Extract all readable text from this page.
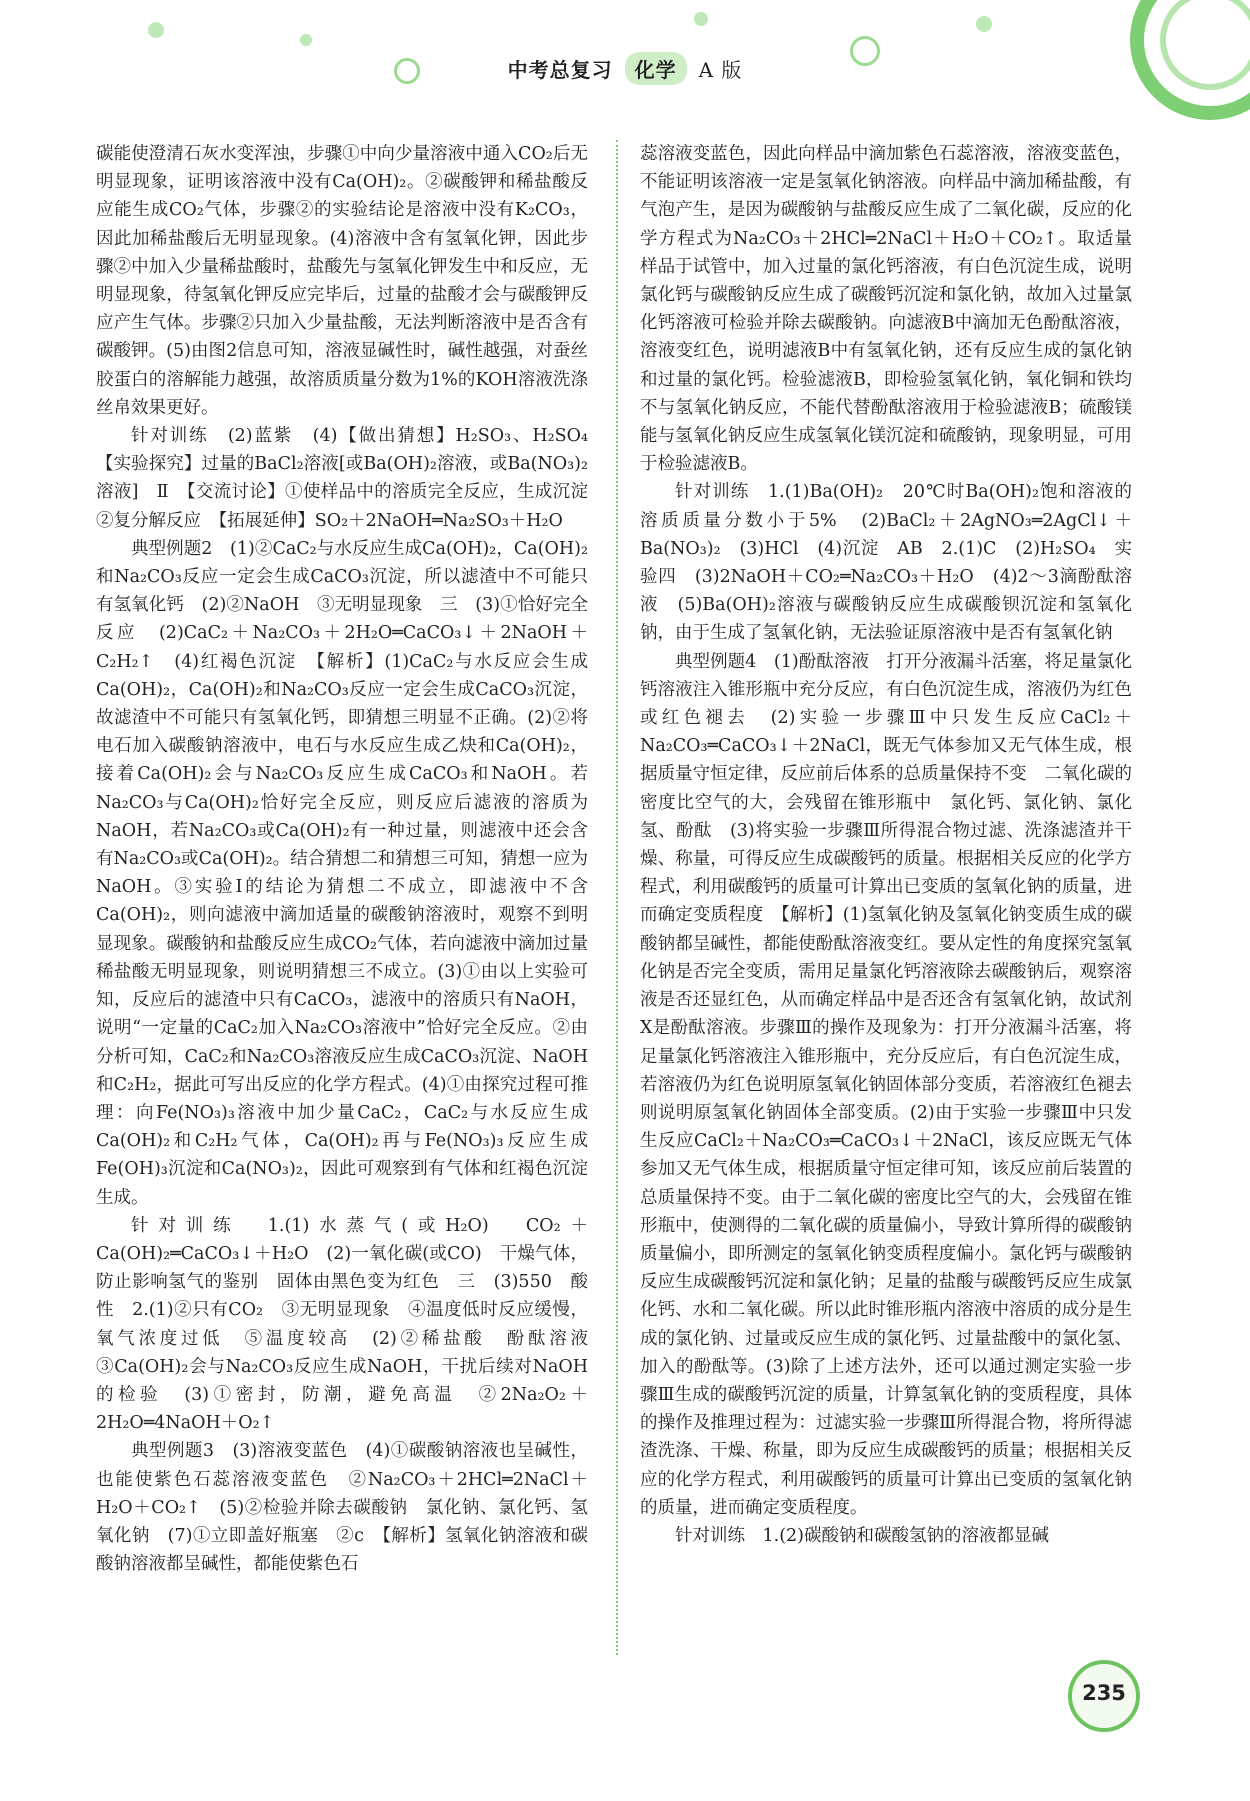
中考总复习 化学 A 版

碳能使澄清石灰水变浑浊，步骤①中向少量溶液中通入CO₂后无明显现象，证明该溶液中没有Ca(OH)₂。②碳酸钾和稀盐酸反应能生成CO₂气体，步骤②的实验结论是溶液中没有K₂CO₃，因此加稀盐酸后无明显现象。(4)溶液中含有氢氧化钾，因此步骤②中加入少量稀盐酸时，盐酸先与氢氧化钾发生中和反应，无明显现象，待氢氧化钾反应完毕后，过量的盐酸才会与碳酸钾反应产生气体。步骤②只加入少量盐酸，无法判断溶液中是否含有碳酸钾。(5)由图2信息可知，溶液显碱性时，碱性越强，对蚕丝胶蛋白的溶解能力越强，故溶质质量分数为1%的KOH溶液洗涤丝帛效果更好。

针对训练　(2)蓝紫　(4)【做出猜想】H₂SO₃、H₂SO₄　【实验探究】过量的BaCl₂溶液[或Ba(OH)₂溶液，或Ba(NO₃)₂溶液]　Ⅱ　【交流讨论】①使样品中的溶质完全反应，生成沉淀　②复分解反应　【拓展延伸】SO₂＋2NaOH═Na₂SO₃＋H₂O

典型例题2　(1)②CaC₂与水反应生成Ca(OH)₂，Ca(OH)₂和Na₂CO₃反应一定会生成CaCO₃沉淀，所以滤渣中不可能只有氢氧化钙　(2)②NaOH　③无明显现象　三　(3)①恰好完全反应　(2)CaC₂＋Na₂CO₃＋2H₂O═CaCO₃↓＋2NaOH＋C₂H₂↑　(4)红褐色沉淀　【解析】(1)CaC₂与水反应会生成Ca(OH)₂，Ca(OH)₂和Na₂CO₃反应一定会生成CaCO₃沉淀，故滤渣中不可能只有氢氧化钙，即猜想三明显不正确。(2)②将电石加入碳酸钠溶液中，电石与水反应生成乙炔和Ca(OH)₂，接着Ca(OH)₂会与Na₂CO₃反应生成CaCO₃和NaOH。若Na₂CO₃与Ca(OH)₂恰好完全反应，则反应后滤液的溶质为NaOH，若Na₂CO₃或Ca(OH)₂有一种过量，则滤液中还会含有Na₂CO₃或Ca(OH)₂。结合猜想二和猜想三可知，猜想一应为NaOH。③实验Ⅰ的结论为猜想二不成立，即滤液中不含Ca(OH)₂，则向滤液中滴加适量的碳酸钠溶液时，观察不到明显现象。碳酸钠和盐酸反应生成CO₂气体，若向滤液中滴加过量稀盐酸无明显现象，则说明猜想三不成立。(3)①由以上实验可知，反应后的滤渣中只有CaCO₃，滤液中的溶质只有NaOH，说明“一定量的CaC₂加入Na₂CO₃溶液中”恰好完全反应。②由分析可知，CaC₂和Na₂CO₃溶液反应生成CaCO₃沉淀、NaOH和C₂H₂，据此可写出反应的化学方程式。(4)①由探究过程可推理：向Fe(NO₃)₃溶液中加少量CaC₂，CaC₂与水反应生成Ca(OH)₂和C₂H₂气体，Ca(OH)₂再与Fe(NO₃)₃反应生成Fe(OH)₃沉淀和Ca(NO₃)₂，因此可观察到有气体和红褐色沉淀生成。

针对训练　1.(1)水蒸气(或H₂O)　CO₂＋Ca(OH)₂═CaCO₃↓＋H₂O　(2)一氧化碳(或CO)　干燥气体，防止影响氢气的鉴别　固体由黑色变为红色　三　(3)550　酸性　2.(1)②只有CO₂　③无明显现象　④温度低时反应缓慢，氧气浓度过低　⑤温度较高　(2)②稀盐酸　酚酞溶液　③Ca(OH)₂会与Na₂CO₃反应生成NaOH，干扰后续对NaOH的检验　(3)①密封，防潮，避免高温　②2Na₂O₂＋2H₂O═4NaOH＋O₂↑

典型例题3　(3)溶液变蓝色　(4)①碳酸钠溶液也呈碱性，也能使紫色石蕊溶液变蓝色　②Na₂CO₃＋2HCl═2NaCl＋H₂O＋CO₂↑　(5)②检验并除去碳酸钠　氯化钠、氯化钙、氢氧化钠　(7)①立即盖好瓶塞　②c　【解析】氢氧化钠溶液和碳酸钠溶液都呈碱性，都能使紫色石

蕊溶液变蓝色，因此向样品中滴加紫色石蕊溶液，溶液变蓝色，不能证明该溶液一定是氢氧化钠溶液。向样品中滴加稀盐酸，有气泡产生，是因为碳酸钠与盐酸反应生成了二氧化碳，反应的化学方程式为Na₂CO₃＋2HCl═2NaCl＋H₂O＋CO₂↑。取适量样品于试管中，加入过量的氯化钙溶液，有白色沉淀生成，说明氯化钙与碳酸钠反应生成了碳酸钙沉淀和氯化钠，故加入过量氯化钙溶液可检验并除去碳酸钠。向滤液B中滴加无色酚酞溶液，溶液变红色，说明滤液B中有氢氧化钠，还有反应生成的氯化钠和过量的氯化钙。检验滤液B，即检验氢氧化钠，氧化铜和铁均不与氢氧化钠反应，不能代替酚酞溶液用于检验滤液B；硫酸镁能与氢氧化钠反应生成氢氧化镁沉淀和硫酸钠，现象明显，可用于检验滤液B。

针对训练　1.(1)Ba(OH)₂　20℃时Ba(OH)₂饱和溶液的溶质质量分数小于5%　(2)BaCl₂＋2AgNO₃═2AgCl↓＋Ba(NO₃)₂　(3)HCl　(4)沉淀　AB　2.(1)C　(2)H₂SO₄　实验四　(3)2NaOH＋CO₂═Na₂CO₃＋H₂O　(4)2～3滴酚酞溶液　(5)Ba(OH)₂溶液与碳酸钠反应生成碳酸钡沉淀和氢氧化钠，由于生成了氢氧化钠，无法验证原溶液中是否有氢氧化钠

典型例题4　(1)酚酞溶液　打开分液漏斗活塞，将足量氯化钙溶液注入锥形瓶中充分反应，有白色沉淀生成，溶液仍为红色或红色褪去　(2)实验一步骤Ⅲ中只发生反应CaCl₂＋Na₂CO₃═CaCO₃↓＋2NaCl，既无气体参加又无气体生成，根据质量守恒定律，反应前后体系的总质量保持不变　二氧化碳的密度比空气的大，会残留在锥形瓶中　氯化钙、氯化钠、氯化氢、酚酞　(3)将实验一步骤Ⅲ所得混合物过滤、洗涤滤渣并干燥、称量，可得反应生成碳酸钙的质量。根据相关反应的化学方程式，利用碳酸钙的质量可计算出已变质的氢氧化钠的质量，进而确定变质程度　【解析】(1)氢氧化钠及氢氧化钠变质生成的碳酸钠都呈碱性，都能使酚酞溶液变红。要从定性的角度探究氢氧化钠是否完全变质，需用足量氯化钙溶液除去碳酸钠后，观察溶液是否还显红色，从而确定样品中是否还含有氢氧化钠，故试剂X是酚酞溶液。步骤Ⅲ的操作及现象为：打开分液漏斗活塞，将足量氯化钙溶液注入锥形瓶中，充分反应后，有白色沉淀生成，若溶液仍为红色说明原氢氧化钠固体部分变质，若溶液红色褪去则说明原氢氧化钠固体全部变质。(2)由于实验一步骤Ⅲ中只发生反应CaCl₂＋Na₂CO₃═CaCO₃↓＋2NaCl，该反应既无气体参加又无气体生成，根据质量守恒定律可知，该反应前后装置的总质量保持不变。由于二氧化碳的密度比空气的大，会残留在锥形瓶中，使测得的二氧化碳的质量偏小，导致计算所得的碳酸钠质量偏小，即所测定的氢氧化钠变质程度偏小。氯化钙与碳酸钠反应生成碳酸钙沉淀和氯化钠；足量的盐酸与碳酸钙反应生成氯化钙、水和二氧化碳。所以此时锥形瓶内溶液中溶质的成分是生成的氯化钠、过量或反应生成的氯化钙、过量盐酸中的氯化氢、加入的酚酞等。(3)除了上述方法外，还可以通过测定实验一步骤Ⅲ生成的碳酸钙沉淀的质量，计算氢氧化钠的变质程度，具体的操作及推理过程为：过滤实验一步骤Ⅲ所得混合物，将所得滤渣洗涤、干燥、称量，即为反应生成碳酸钙的质量；根据相关反应的化学方程式，利用碳酸钙的质量可计算出已变质的氢氧化钠的质量，进而确定变质程度。

针对训练　1.(2)碳酸钠和碳酸氢钠的溶液都显碱

235
